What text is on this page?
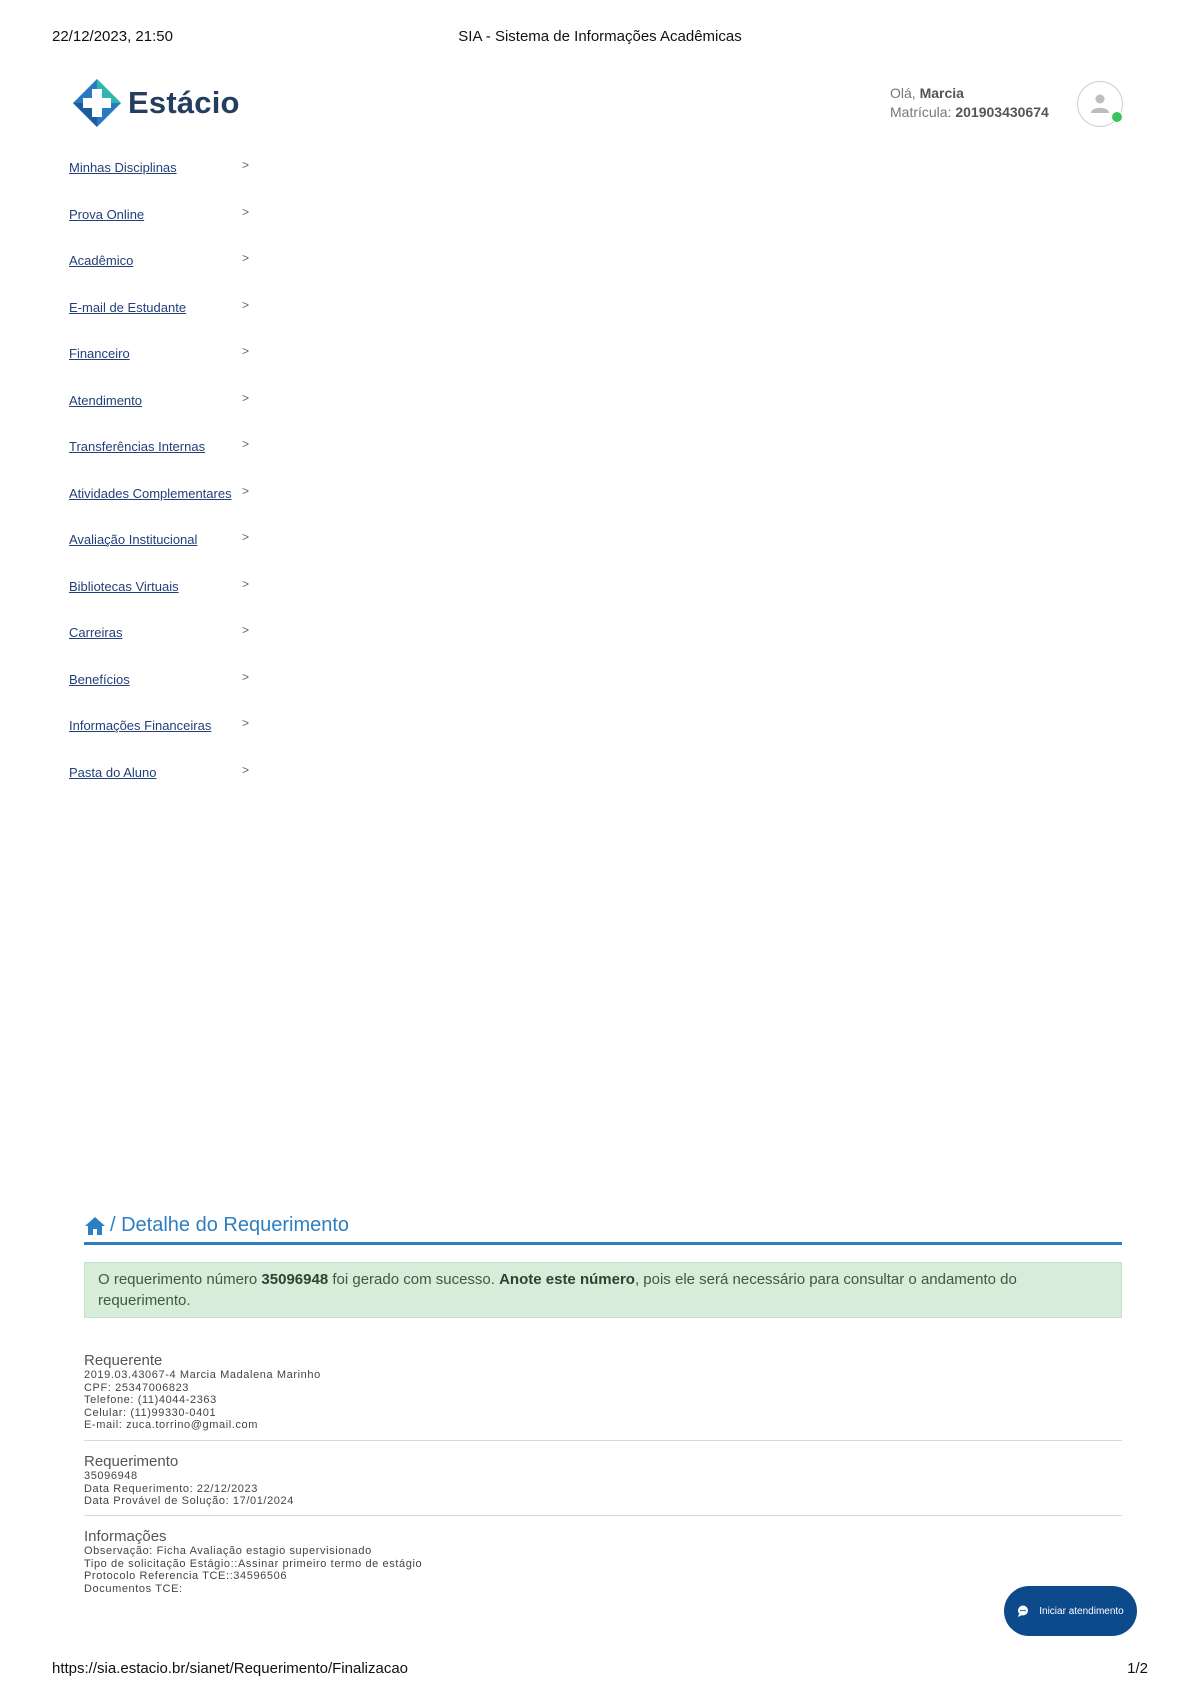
22/12/2023, 21:50	SIA - Sistema de Informações Acadêmicas
Estácio	Olá, Marcia
Matrícula: 201903430674
Minhas Disciplinas	>
Prova Online	>
Acadêmico	>
E-mail de Estudante	>
Financeiro	>
Atendimento	>
Transferências Internas	>
Atividades Complementares >
Avaliação Institucional	>
Bibliotecas Virtuais	>
Carreiras	>
Benefícios	>
Informações Financeiras	>
Pasta do Aluno	>
/ Detalhe do Requerimento
O requerimento número 35096948 foi gerado com sucesso. Anote este número, pois ele será necessário para consultar o andamento do requerimento.
Requerente
2019.03.43067-4 Marcia Madalena Marinho
CPF: 25347006823
Telefone: (11)4044-2363
Celular: (11)99330-0401
E-mail: zuca.torrino@gmail.com
Requerimento
35096948
Data Requerimento: 22/12/2023
Data Provável de Solução: 17/01/2024
Informações
Observação: Ficha Avaliação estagio supervisionado
Tipo de solicitação Estágio::Assinar primeiro termo de estágio
Protocolo Referencia TCE::34596506
Documentos TCE:
Iniciar atendimento
https://sia.estacio.br/sianet/Requerimento/Finalizacao	1/2
